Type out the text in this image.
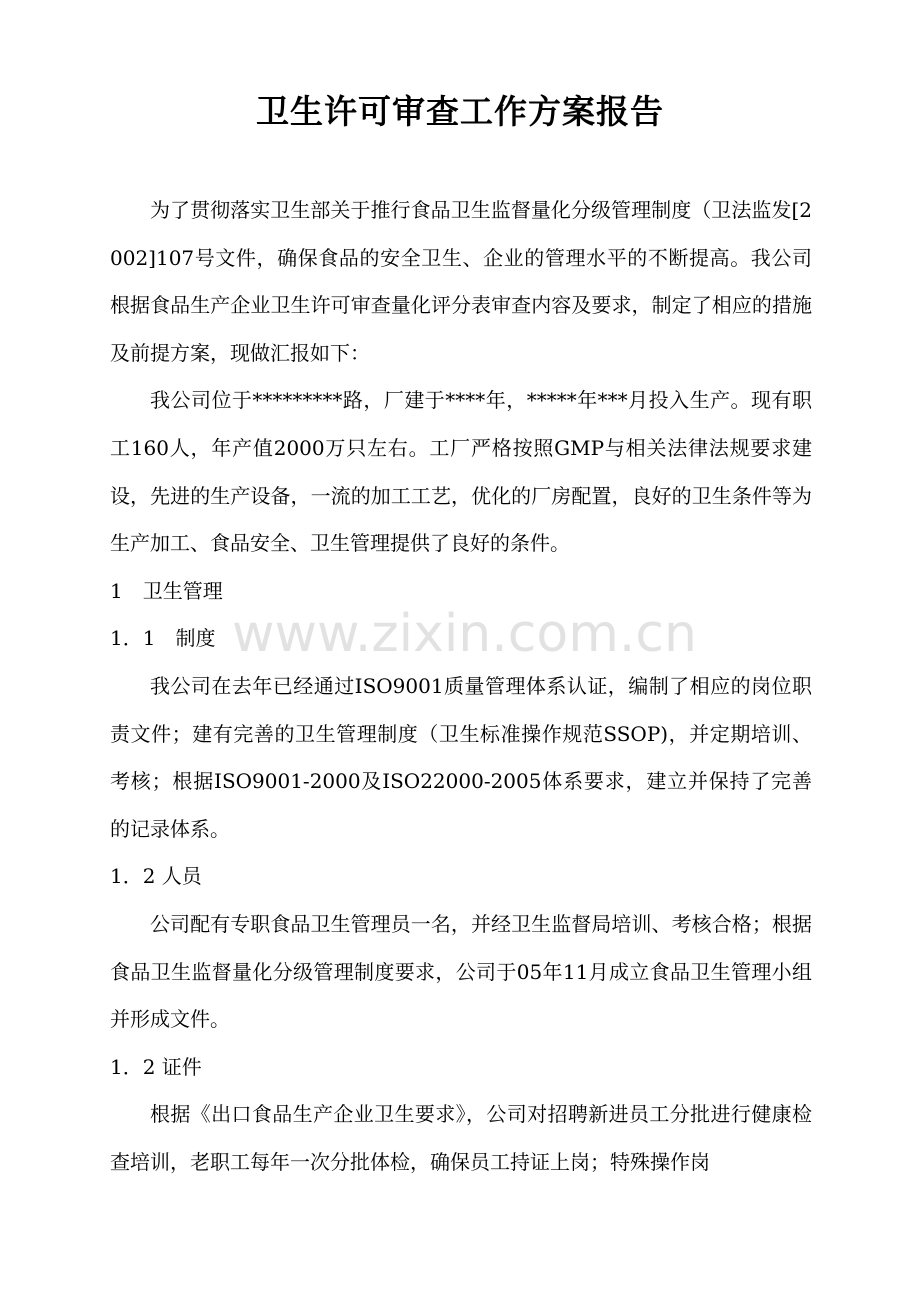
卫生许可审查工作方案报告

为了贯彻落实卫生部关于推行食品卫生监督量化分级管理制度（卫法监发[2002]107号文件，确保食品的安全卫生、企业的管理水平的不断提高。我公司根据食品生产企业卫生许可审查量化评分表审查内容及要求，制定了相应的措施及前提方案，现做汇报如下：

我公司位于*********路，厂建于****年，*****年***月投入生产。现有职工160人，年产值2000万只左右。工厂严格按照GMP与相关法律法规要求建设，先进的生产设备，一流的加工工艺，优化的厂房配置，良好的卫生条件等为生产加工、食品安全、卫生管理提供了良好的条件。

1　卫生管理

1．1　制度

我公司在去年已经通过ISO9001质量管理体系认证，编制了相应的岗位职责文件；建有完善的卫生管理制度（卫生标准操作规范SSOP)，并定期培训、考核；根据ISO9001-2000及ISO22000-2005体系要求，建立并保持了完善的记录体系。

1．2 人员

公司配有专职食品卫生管理员一名，并经卫生监督局培训、考核合格；根据食品卫生监督量化分级管理制度要求，公司于05年11月成立食品卫生管理小组并形成文件。

1．2 证件

根据《出口食品生产企业卫生要求》，公司对招聘新进员工分批进行健康检查培训，老职工每年一次分批体检，确保员工持证上岗；特殊操作岗

www.zixin.com.cn
